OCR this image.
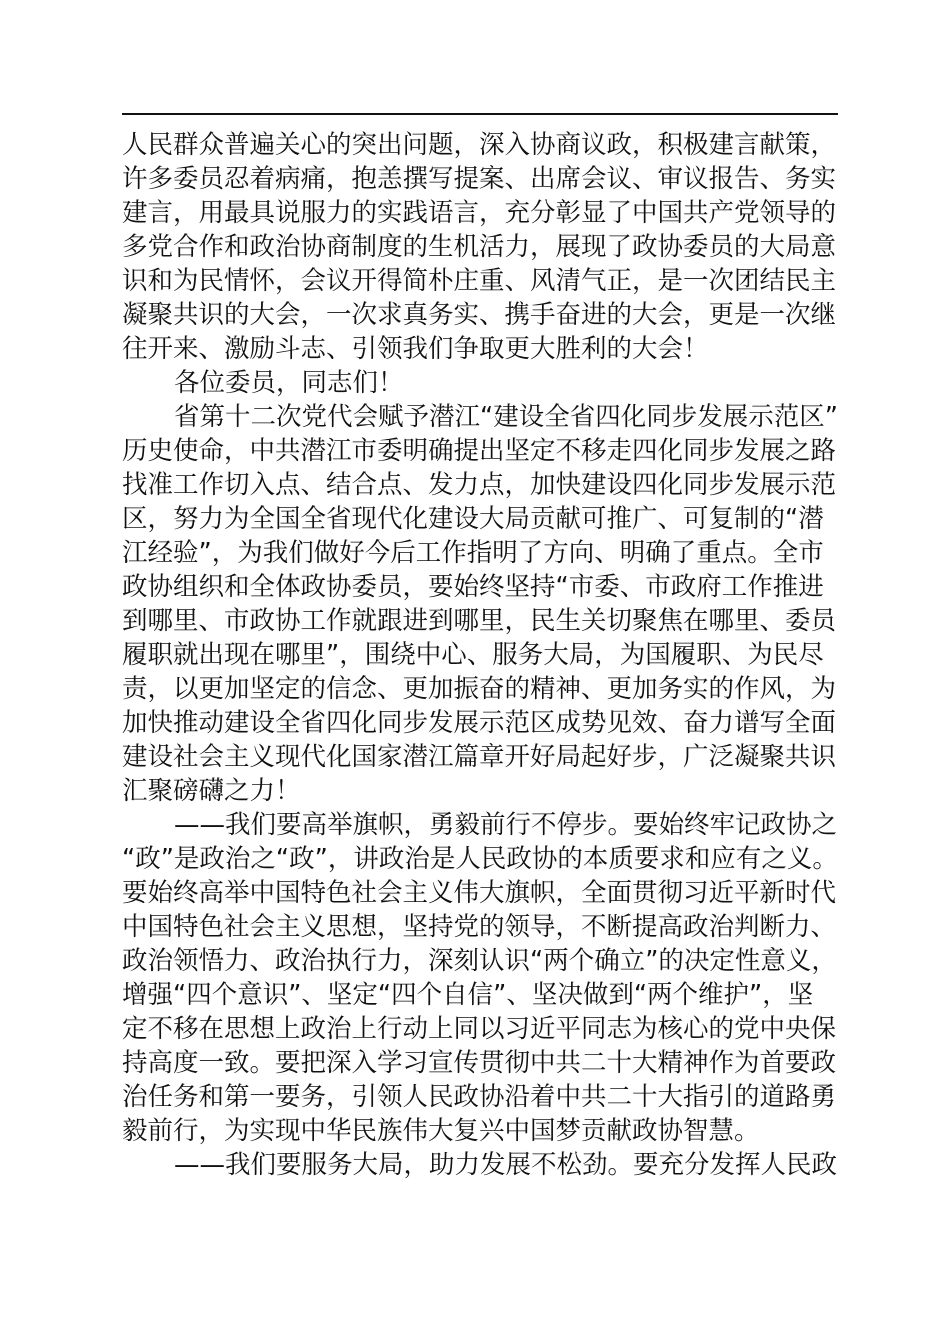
人民群众普遍关心的突出问题，深入协商议政，积极建言献策，
许多委员忍着病痛，抱恙撰写提案、出席会议、审议报告、务实
建言，用最具说服力的实践语言，充分彰显了中国共产党领导的
多党合作和政治协商制度的生机活力，展现了政协委员的大局意
识和为民情怀，会议开得简朴庄重、风清气正，是一次团结民主
凝聚共识的大会，一次求真务实、携手奋进的大会，更是一次继
往开来、激励斗志、引领我们争取更大胜利的大会！
各位委员，同志们！
省第十二次党代会赋予潜江“建设全省四化同步发展示范区”
历史使命，中共潜江市委明确提出坚定不移走四化同步发展之路
找准工作切入点、结合点、发力点，加快建设四化同步发展示范
区，努力为全国全省现代化建设大局贡献可推广、可复制的“潜
江经验”，为我们做好今后工作指明了方向、明确了重点。全市
政协组织和全体政协委员，要始终坚持“市委、市政府工作推进
到哪里、市政协工作就跟进到哪里，民生关切聚焦在哪里、委员
履职就出现在哪里”，围绕中心、服务大局，为国履职、为民尽
责，以更加坚定的信念、更加振奋的精神、更加务实的作风，为
加快推动建设全省四化同步发展示范区成势见效、奋力谱写全面
建设社会主义现代化国家潜江篇章开好局起好步，广泛凝聚共识
汇聚磅礴之力！
——我们要高举旗帜，勇毅前行不停步。要始终牢记政协之
“政”是政治之“政”，讲政治是人民政协的本质要求和应有之义。
要始终高举中国特色社会主义伟大旗帜，全面贯彻习近平新时代
中国特色社会主义思想，坚持党的领导，不断提高政治判断力、
政治领悟力、政治执行力，深刻认识“两个确立”的决定性意义，
增强“四个意识”、坚定“四个自信”、坚决做到“两个维护”，坚
定不移在思想上政治上行动上同以习近平同志为核心的党中央保
持高度一致。要把深入学习宣传贯彻中共二十大精神作为首要政
治任务和第一要务，引领人民政协沿着中共二十大指引的道路勇
毅前行，为实现中华民族伟大复兴中国梦贡献政协智慧。
——我们要服务大局，助力发展不松劲。要充分发挥人民政
